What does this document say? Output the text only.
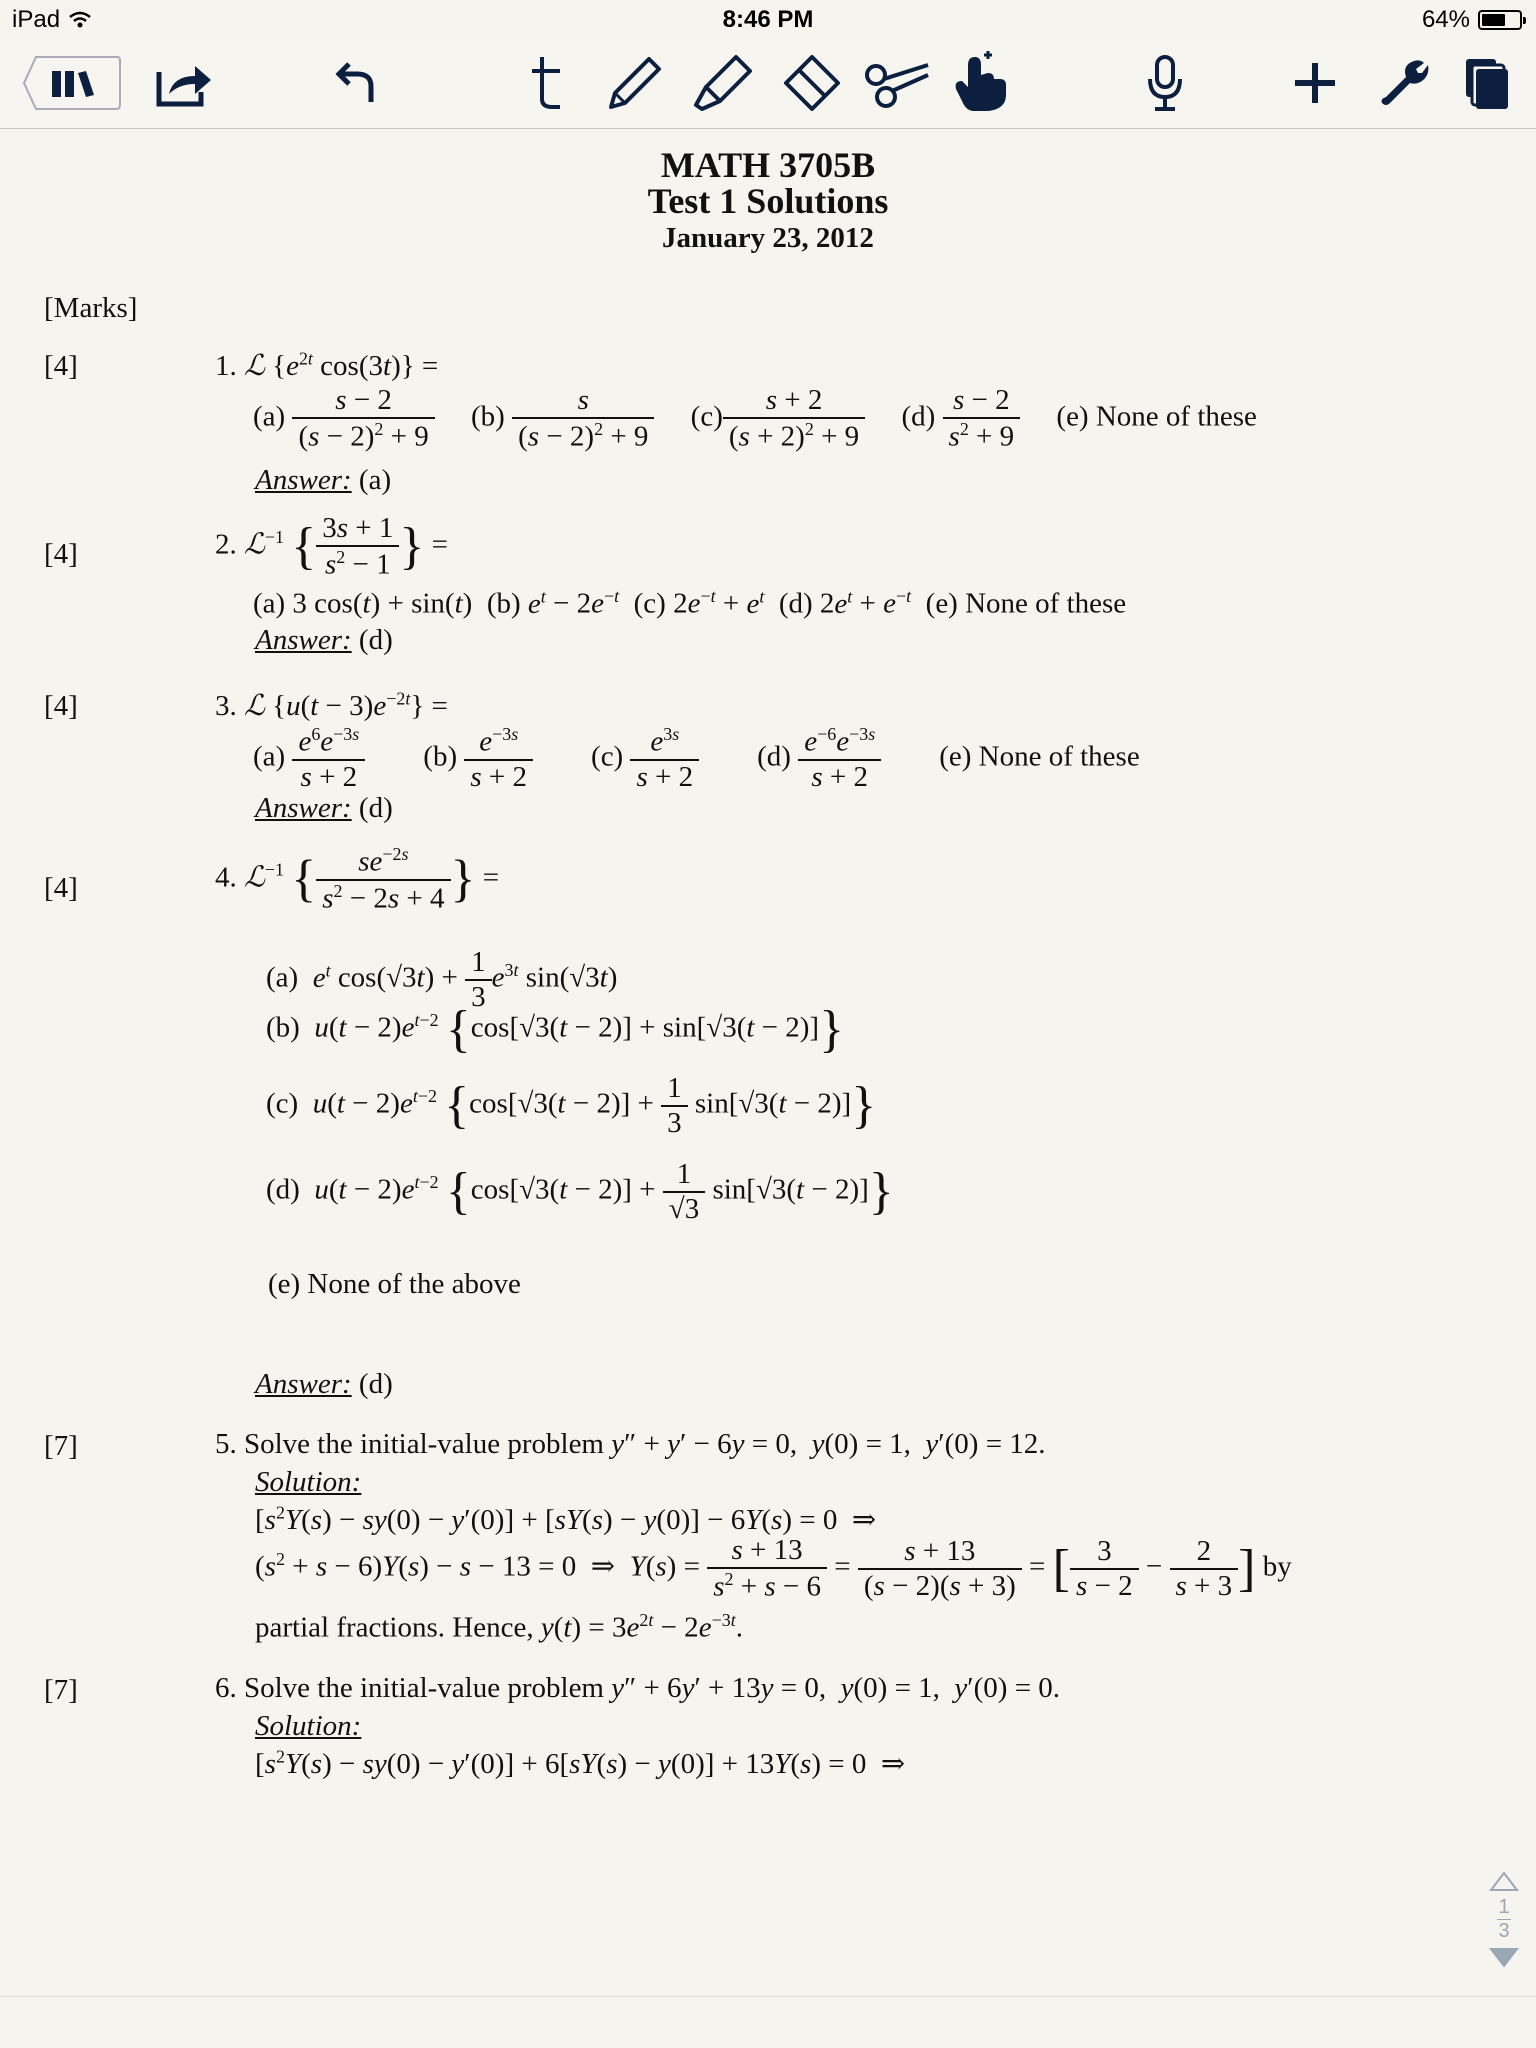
iPad	8:46 PM	64%
MATH 3705B
Test 1 Solutions
January 23, 2012
[Marks]
[4]	1. ℒ {$e^{2t}$ cos(3t)} =
$(a) \frac{s - 2}{(s - 2)^2 + 9} (b) \frac{s}{(s - 2)^2 + 9} (c) \frac{s + 2}{(s + 2)^2 + 9} (d) \frac{s - 2}{s^2 + 9} (e)$ None of these
Answer: (a)
[4]	2. ℒ$^{-1}$ { $\frac{3s + 1}{s^2 - 1}$ } =
(a) 3 cos(t) + sin(t)  (b) $e^t - 2e^{-t}$  (c) $2e^{-t} + e^t$  (d) $2e^t + e^{-t}$ (e) None of these
Answer: (d)
[4]	3. ℒ $\{u(t - 3)e^{-2t}\}$ =
$(a) \frac{e^6e^{-3s}}{s + 2} (b) \frac{e^{-3s}}{s + 2} (c) \frac{e^{3s}}{s + 2} (d) \frac{e^{-6}e^{-3s}}{s + 2} (e)$ None of these
Answer: (d)
[4]	4. ℒ$^{-1}$ { $\frac{se^{-2s}}{s^2 - 2s + 4}$ } =
(a)  $e^t$ $\cos(√3t) + \frac{1}{3} e^{3t}$ sin(√3t)
(b)  $u(t - 2)e^{t-2}$ {cos[√3(t − 2)] + sin[√3(t − 2)]}
(c)  $u(t - 2)e^{t-2}$ $\{\cos[√3(t - 2)] + \frac{1}{3} \sin[√3(t - 2)]\}$
(d)  $u(t - 2)e^{t-2}$ $\{\cos[√3(t - 2)] + \frac{1}{√3} \sin[√3(t - 2)]\}$
(e) None of the above
Answer: (d)
[7]	5. Solve the initial-value problem y″ + y′ − 6y = 0,  y(0) = 1,  y′(0) = 12.
Solution:
$[s^2Y(s) - sy(0) - y'(0)] + [sY(s) - y(0)] - 6Y(s) = 0$  ⇒
$(s^2 + s - 6)Y(s) - s - 13 = 0$  ⇒  $Y(s) = \frac{s + 13}{s^2 + s - 6} = \frac{s + 13}{(s - 2)(s + 3)}$ = [ $\frac{3}{s - 2} - \frac{2}{s + 3}$ ] by
partial fractions. Hence, $y(t) = 3e^{2t} - 2e^{-3t}$.
[7]	6. Solve the initial-value problem y″ + 6y′ + 13y = 0,  y(0) = 1,  y′(0) = 0.
Solution:
$[s^2Y(s) - sy(0) - y'(0)] + 6[sY(s) - y(0)] + 13Y(s) = 0$  ⇒
1
3
